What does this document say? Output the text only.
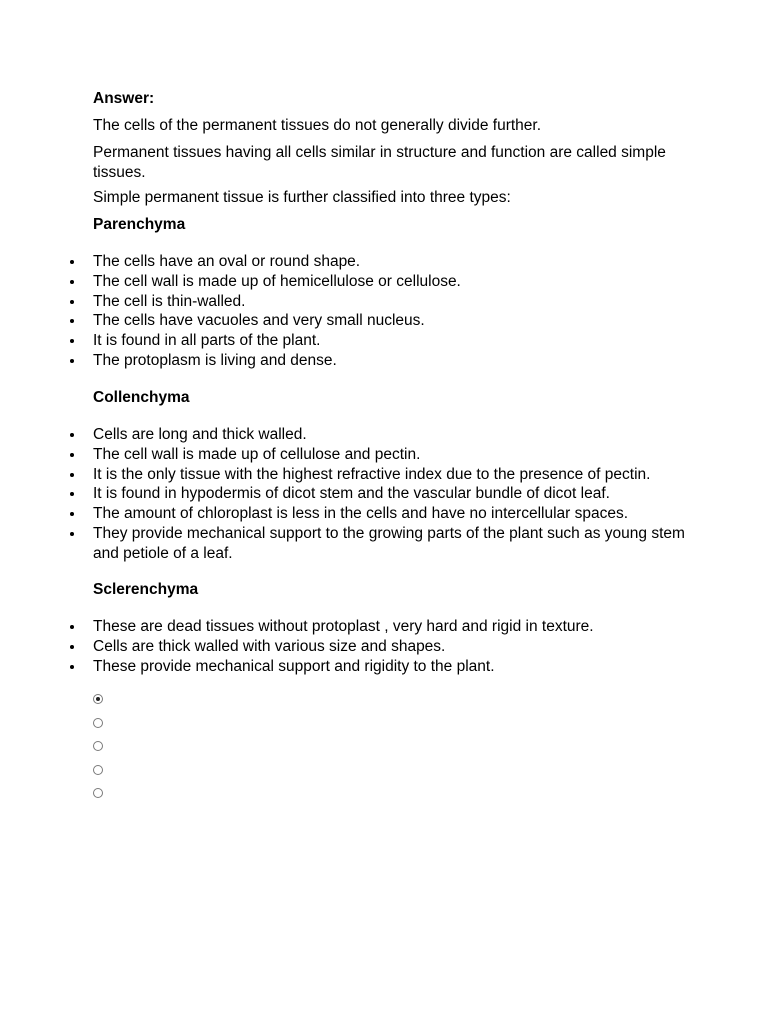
Answer:

The cells of the permanent tissues do not generally divide further.

Permanent tissues having all cells similar in structure and function are called simple tissues.

Simple permanent tissue is further classified into three types:

Parenchyma

The cells have an oval or round shape.
The cell wall is made up of hemicellulose or cellulose.
The cell is thin-walled.
The cells have vacuoles and very small nucleus.
It is found in all parts of the plant.
The protoplasm is living and dense.

Collenchyma

Cells are long and thick walled.
The cell wall is made up of cellulose and pectin.
It is the only tissue with the highest refractive index due to the presence of pectin.
It is found in hypodermis of dicot stem and the vascular bundle of dicot leaf.
The amount of chloroplast is less in the cells and have no intercellular spaces.
They provide mechanical support to the growing parts of the plant such as young stem and petiole of a leaf.

Sclerenchyma

These are dead tissues without protoplast , very hard and rigid in texture.
Cells are thick walled with various size and shapes.
These provide mechanical support and rigidity to the plant.
